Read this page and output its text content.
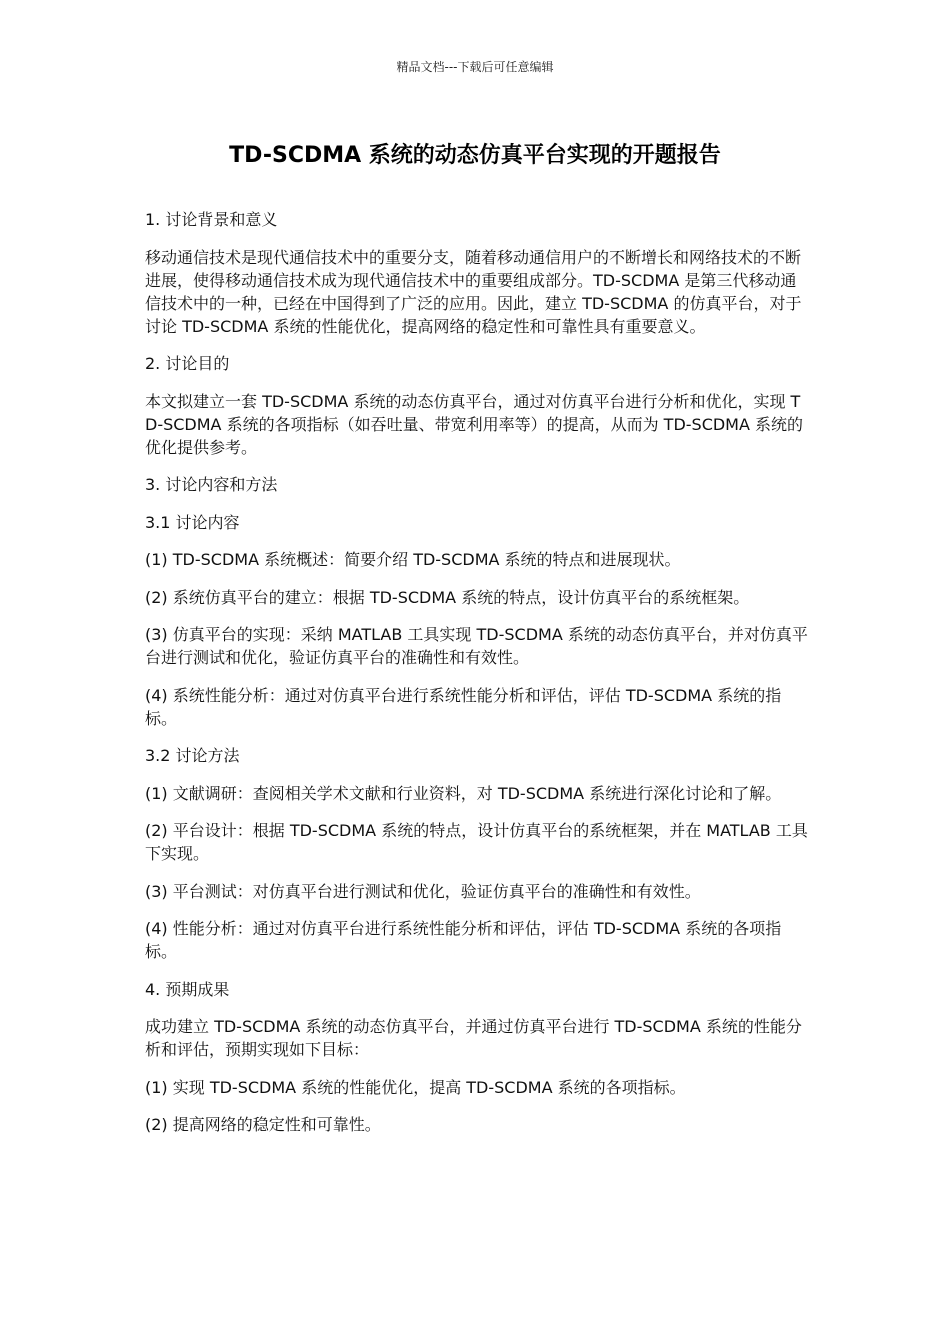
精品文档---下载后可任意编辑
TD-SCDMA 系统的动态仿真平台实现的开题报告

1. 讨论背景和意义

移动通信技术是现代通信技术中的重要分支，随着移动通信用户的不断增长和网络技术的不断进展，使得移动通信技术成为现代通信技术中的重要组成部分。TD-SCDMA 是第三代移动通信技术中的一种，已经在中国得到了广泛的应用。因此，建立 TD-SCDMA 的仿真平台，对于讨论 TD-SCDMA 系统的性能优化，提高网络的稳定性和可靠性具有重要意义。

2. 讨论目的

本文拟建立一套 TD-SCDMA 系统的动态仿真平台，通过对仿真平台进行分析和优化，实现 TD-SCDMA 系统的各项指标（如吞吐量、带宽利用率等）的提高，从而为 TD-SCDMA 系统的优化提供参考。

3. 讨论内容和方法

3.1 讨论内容

(1) TD-SCDMA 系统概述：简要介绍 TD-SCDMA 系统的特点和进展现状。

(2) 系统仿真平台的建立：根据 TD-SCDMA 系统的特点，设计仿真平台的系统框架。

(3) 仿真平台的实现：采纳 MATLAB 工具实现 TD-SCDMA 系统的动态仿真平台，并对仿真平台进行测试和优化，验证仿真平台的准确性和有效性。

(4) 系统性能分析：通过对仿真平台进行系统性能分析和评估，评估 TD-SCDMA 系统的指标。

3.2 讨论方法

(1) 文献调研：查阅相关学术文献和行业资料，对 TD-SCDMA 系统进行深化讨论和了解。

(2) 平台设计：根据 TD-SCDMA 系统的特点，设计仿真平台的系统框架，并在 MATLAB 工具下实现。

(3) 平台测试：对仿真平台进行测试和优化，验证仿真平台的准确性和有效性。

(4) 性能分析：通过对仿真平台进行系统性能分析和评估，评估 TD-SCDMA 系统的各项指标。

4. 预期成果

成功建立 TD-SCDMA 系统的动态仿真平台，并通过仿真平台进行 TD-SCDMA 系统的性能分析和评估，预期实现如下目标：

(1) 实现 TD-SCDMA 系统的性能优化，提高 TD-SCDMA 系统的各项指标。

(2) 提高网络的稳定性和可靠性。
